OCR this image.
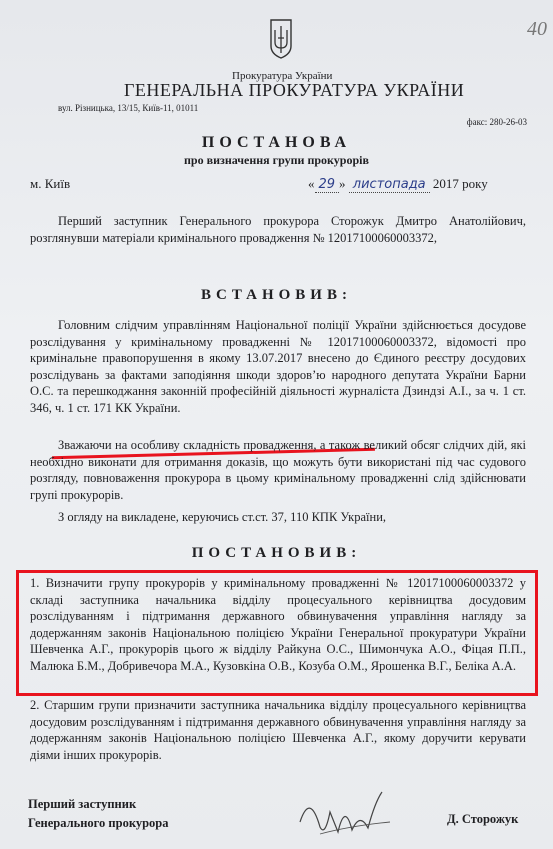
40
Прокуратура України
ГЕНЕРАЛЬНА ПРОКУРАТУРА УКРАЇНИ
вул. Різницька, 13/15, Київ-11, 01011
факс: 280-26-03
ПОСТАНОВА
про визначення групи прокурорів
м. Київ	« 29 » листопада 2017 року
Перший заступник Генерального прокурора Сторожук Дмитро Анатолійович, розглянувши матеріали кримінального провадження № 12017100060003372,
ВСТАНОВИВ:
Головним слідчим управлінням Національної поліції України здійснюється досудове розслідування у кримінальному провадженні № 12017100060003372, відомості про кримінальне правопорушення в якому 13.07.2017 внесено до Єдиного реєстру досудових розслідувань за фактами заподіяння шкоди здоров’ю народного депутата України Барни О.С. та перешкоджання законній професійній діяльності журналіста Дзиндзі А.І., за ч. 1 ст. 346, ч. 1 ст. 171 КК України.
Зважаючи на особливу складність провадження, а також великий обсяг слідчих дій, які необхідно виконати для отримання доказів, що можуть бути використані під час судового розгляду, повноваження прокурора в цьому кримінальному провадженні слід здійснювати групі прокурорів.
З огляду на викладене, керуючись ст.ст. 37, 110 КПК України,
ПОСТАНОВИВ:
1. Визначити групу прокурорів у кримінальному провадженні № 12017100060003372 у складі заступника начальника відділу процесуального керівництва досудовим розслідуванням і підтримання державного обвинувачення управління нагляду за додержанням законів Національною поліцією України Генеральної прокуратури України Шевченка А.Г., прокурорів цього ж відділу Райкуна О.С., Шимончука А.О., Фіцая П.П., Малюка Б.М., Добривечора М.А., Кузовкіна О.В., Козуба О.М., Ярошенка В.Г., Беліка А.А.
2. Старшим групи призначити заступника начальника відділу процесуального керівництва досудовим розслідуванням і підтримання державного обвинувачення управління нагляду за додержанням законів Національною поліцією Шевченка А.Г., якому доручити керувати діями інших прокурорів.
Перший заступник
Генерального прокурора	Д. Сторожук
